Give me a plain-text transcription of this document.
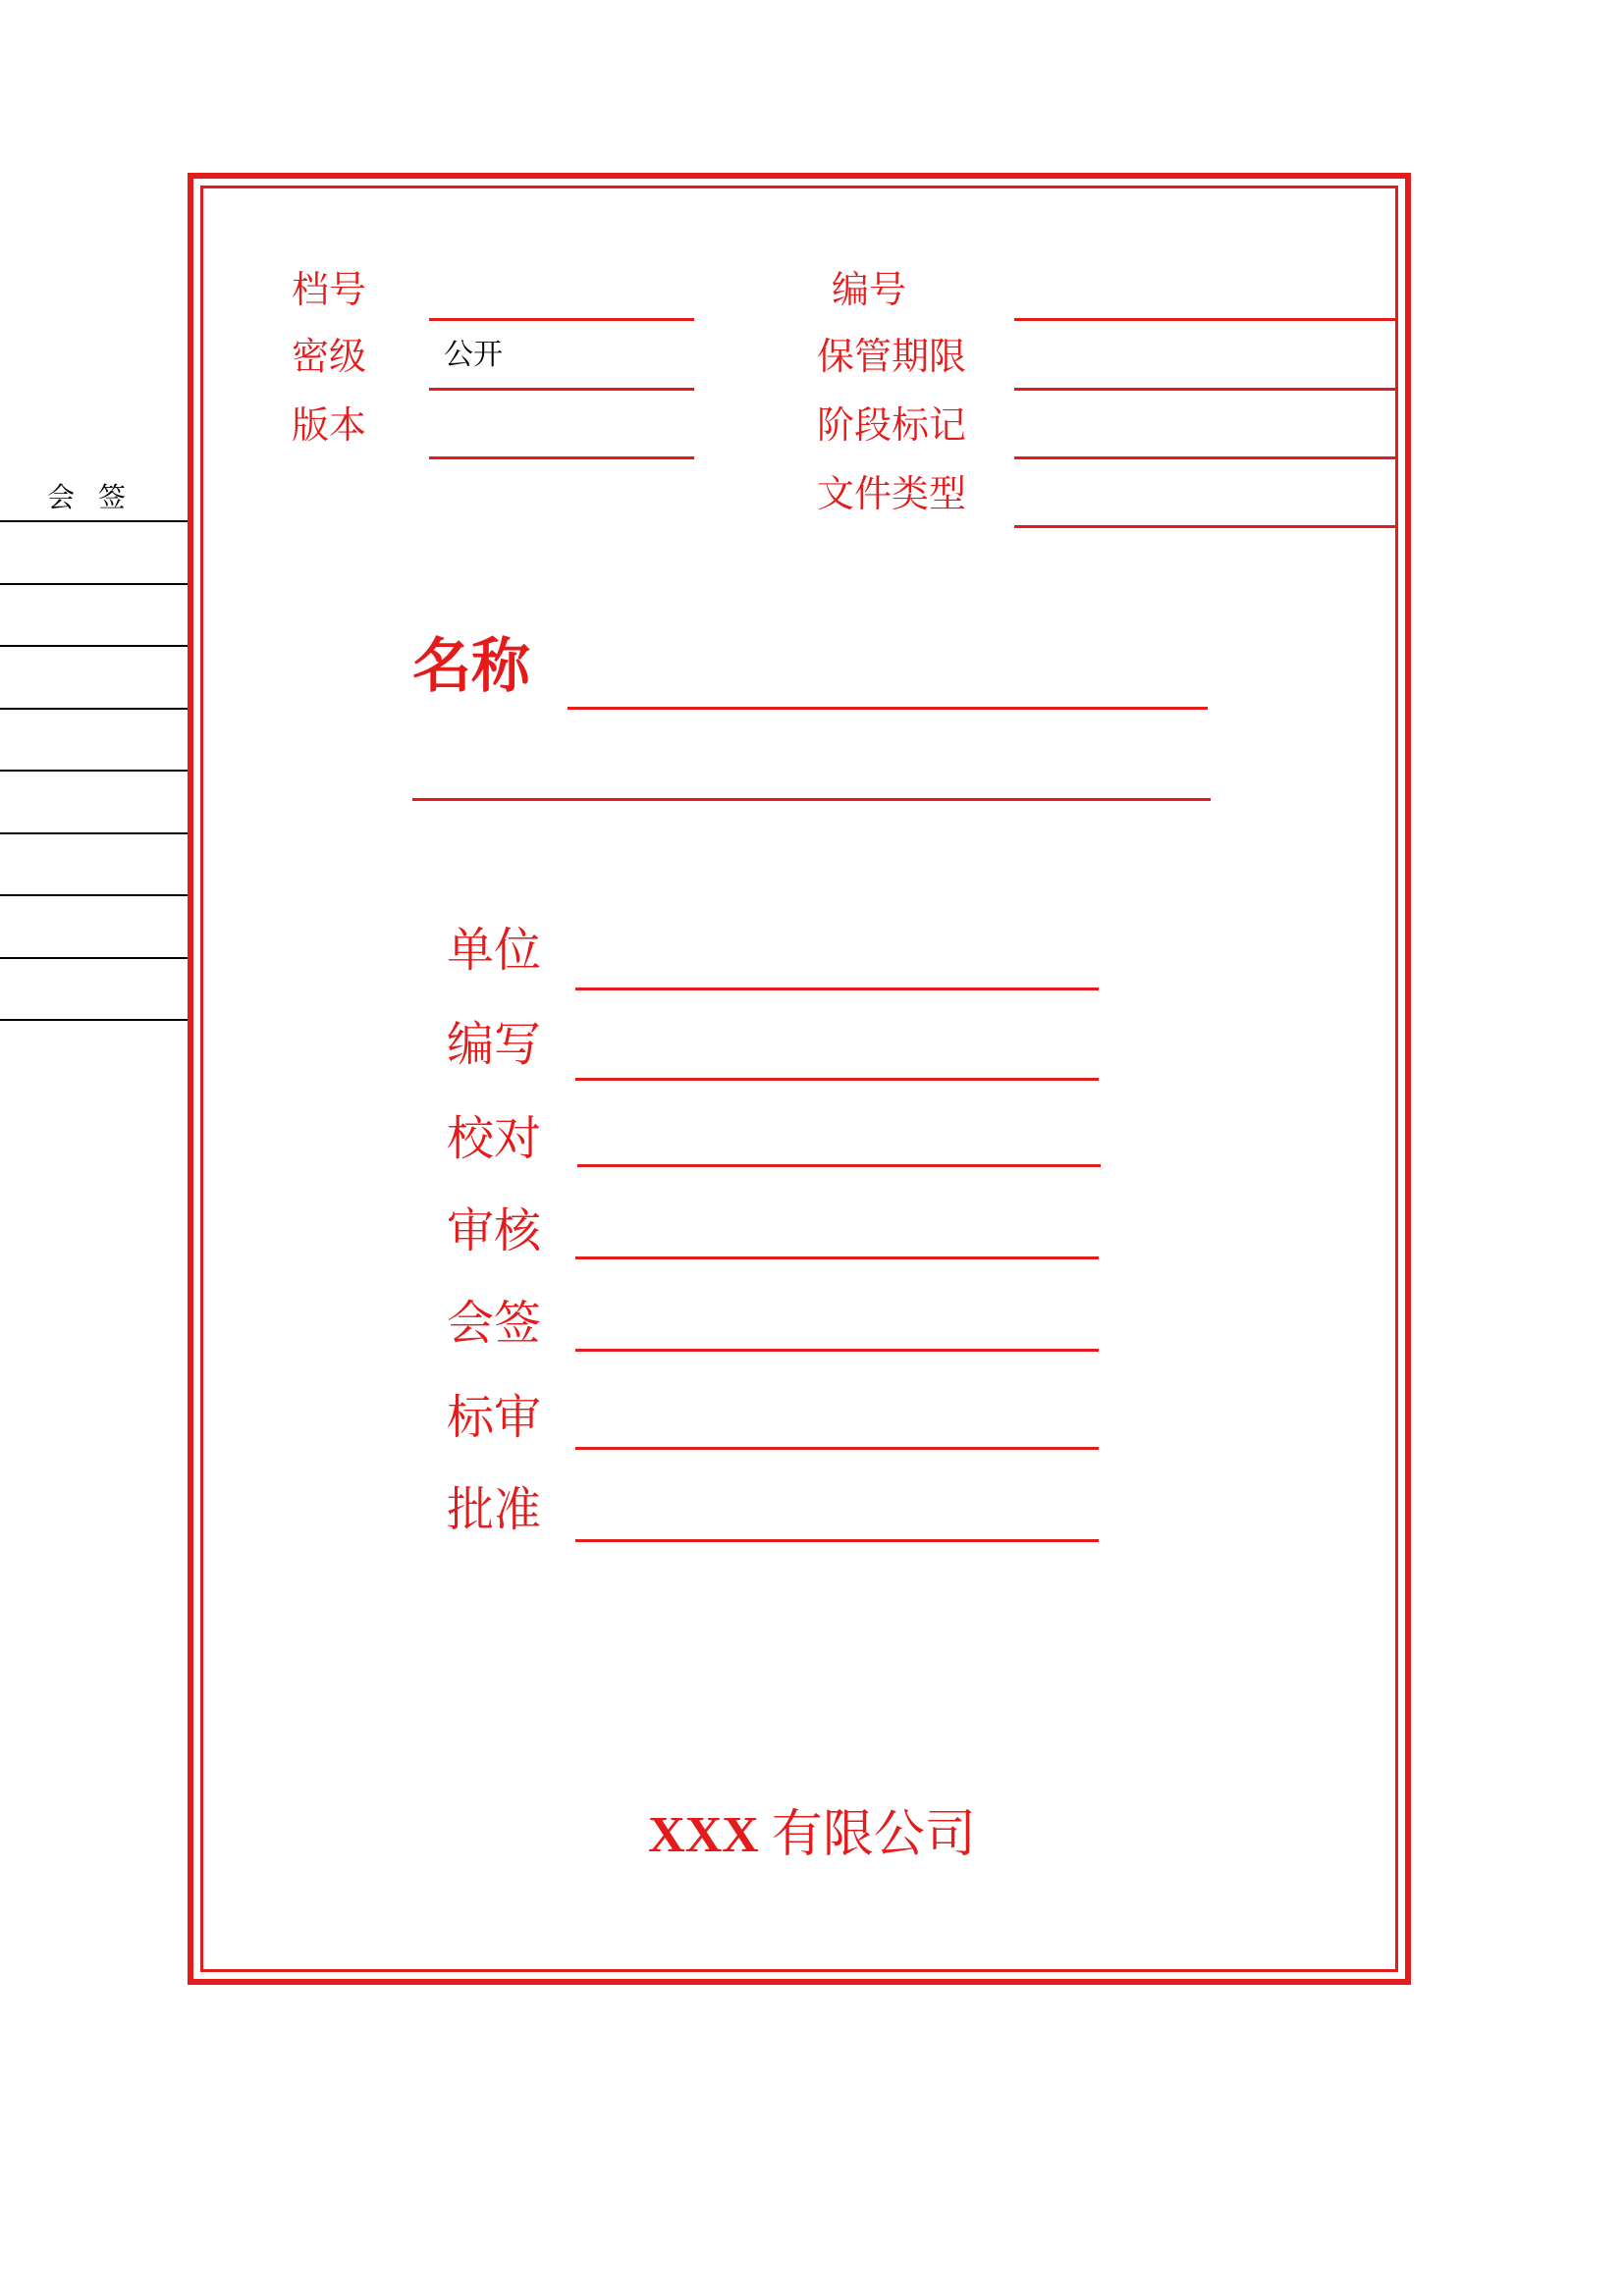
会签
档号
密级	公开
版本
编号
保管期限
阶段标记
文件类型
名称
单位
编写
校对
审核
会签
标审
批准
XXX 有限公司
